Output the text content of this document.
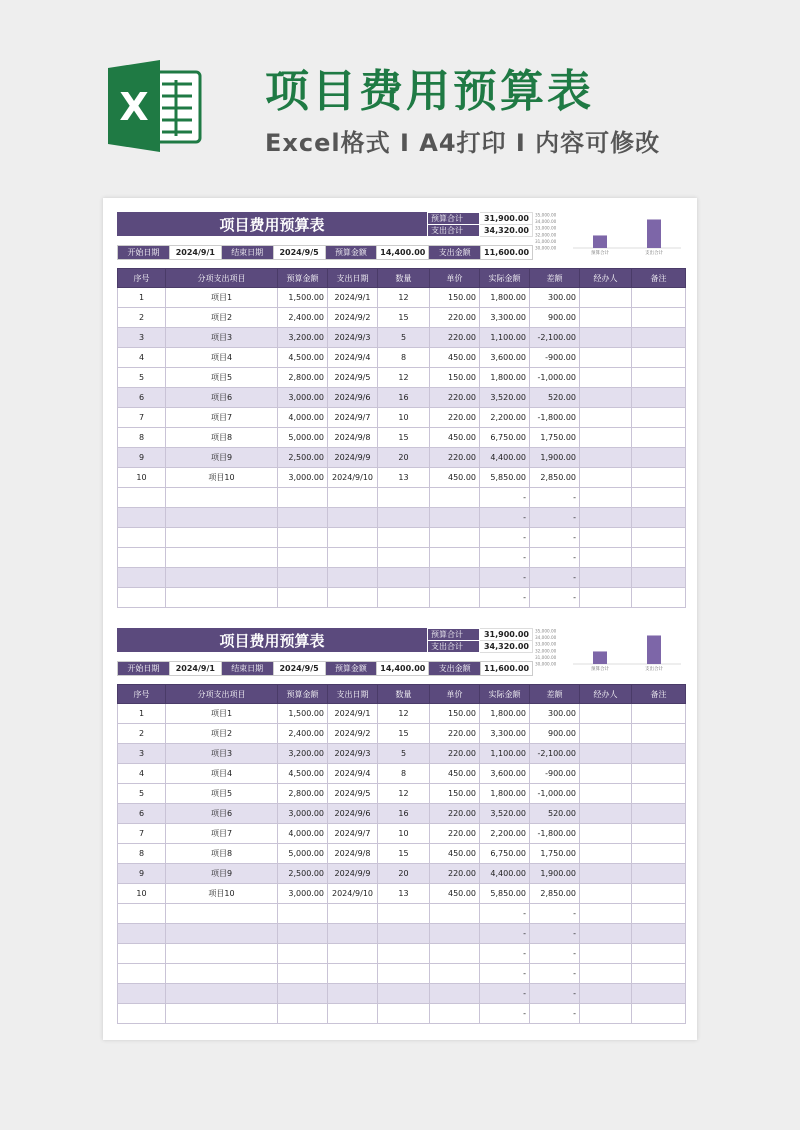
X	项目费用预算表
Excel格式 I A4打印 I 内容可修改
项目费用预算表	预算合计	31,900.00
支出合计	34,320.00
35,000.00
34,000.00
33,000.00
32,000.00
31,000.00
30,000.00
预算合计	支出合计
开始日期	2024/9/1	结束日期	2024/9/5	预算金额	14,400.00	支出金额	11,600.00
序号	分项支出项目	预算金额	支出日期	数量	单价	实际金额	差额	经办人	备注
1	项目1	1,500.00	2024/9/1	12	150.00	1,800.00	300.00		
2	项目2	2,400.00	2024/9/2	15	220.00	3,300.00	900.00		
3	项目3	3,200.00	2024/9/3	5	220.00	1,100.00	-2,100.00		
4	项目4	4,500.00	2024/9/4	8	450.00	3,600.00	-900.00		
5	项目5	2,800.00	2024/9/5	12	150.00	1,800.00	-1,000.00		
6	项目6	3,000.00	2024/9/6	16	220.00	3,520.00	520.00		
7	项目7	4,000.00	2024/9/7	10	220.00	2,200.00	-1,800.00		
8	项目8	5,000.00	2024/9/8	15	450.00	6,750.00	1,750.00		
9	项目9	2,500.00	2024/9/9	20	220.00	4,400.00	1,900.00		
10	项目10	3,000.00	2024/9/10	13	450.00	5,850.00	2,850.00		
						-	-		
						-	-		
						-	-		
						-	-		
						-	-		
						-	-		
项目费用预算表	预算合计	31,900.00
支出合计	34,320.00
35,000.00
34,000.00
33,000.00
32,000.00
31,000.00
30,000.00
预算合计	支出合计
开始日期	2024/9/1	结束日期	2024/9/5	预算金额	14,400.00	支出金额	11,600.00
序号	分项支出项目	预算金额	支出日期	数量	单价	实际金额	差额	经办人	备注
1	项目1	1,500.00	2024/9/1	12	150.00	1,800.00	300.00		
2	项目2	2,400.00	2024/9/2	15	220.00	3,300.00	900.00		
3	项目3	3,200.00	2024/9/3	5	220.00	1,100.00	-2,100.00		
4	项目4	4,500.00	2024/9/4	8	450.00	3,600.00	-900.00		
5	项目5	2,800.00	2024/9/5	12	150.00	1,800.00	-1,000.00		
6	项目6	3,000.00	2024/9/6	16	220.00	3,520.00	520.00		
7	项目7	4,000.00	2024/9/7	10	220.00	2,200.00	-1,800.00		
8	项目8	5,000.00	2024/9/8	15	450.00	6,750.00	1,750.00		
9	项目9	2,500.00	2024/9/9	20	220.00	4,400.00	1,900.00		
10	项目10	3,000.00	2024/9/10	13	450.00	5,850.00	2,850.00		
						-	-		
						-	-		
						-	-		
						-	-		
						-	-		
						-	-		
